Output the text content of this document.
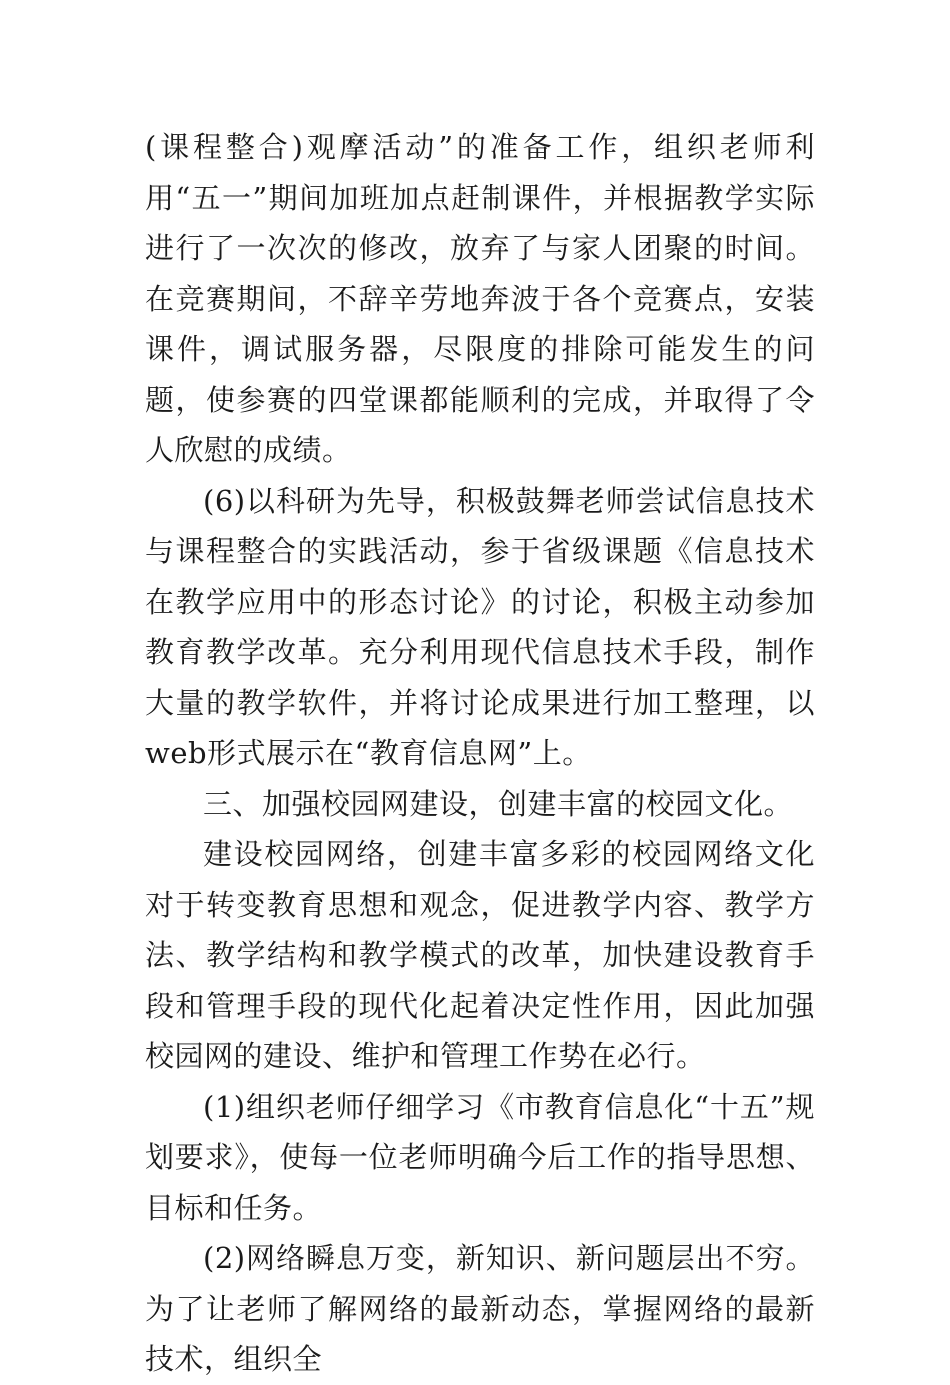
(课程整合)观摩活动”的准备工作，组织老师利用“五一”期间加班加点赶制课件，并根据教学实际进行了一次次的修改，放弃了与家人团聚的时间。在竞赛期间，不辞辛劳地奔波于各个竞赛点，安装课件，调试服务器，尽限度的排除可能发生的问题，使参赛的四堂课都能顺利的完成，并取得了令人欣慰的成绩。

(6)以科研为先导，积极鼓舞老师尝试信息技术与课程整合的实践活动，参于省级课题《信息技术在教学应用中的形态讨论》的讨论，积极主动参加教育教学改革。充分利用现代信息技术手段，制作大量的教学软件，并将讨论成果进行加工整理，以web形式展示在“教育信息网”上。

三、加强校园网建设，创建丰富的校园文化。

建设校园网络，创建丰富多彩的校园网络文化对于转变教育思想和观念，促进教学内容、教学方法、教学结构和教学模式的改革，加快建设教育手段和管理手段的现代化起着决定性作用，因此加强校园网的建设、维护和管理工作势在必行。

(1)组织老师仔细学习《市教育信息化“十五”规划要求》，使每一位老师明确今后工作的指导思想、目标和任务。

(2)网络瞬息万变，新知识、新问题层出不穷。为了让老师了解网络的最新动态，掌握网络的最新技术，组织全
